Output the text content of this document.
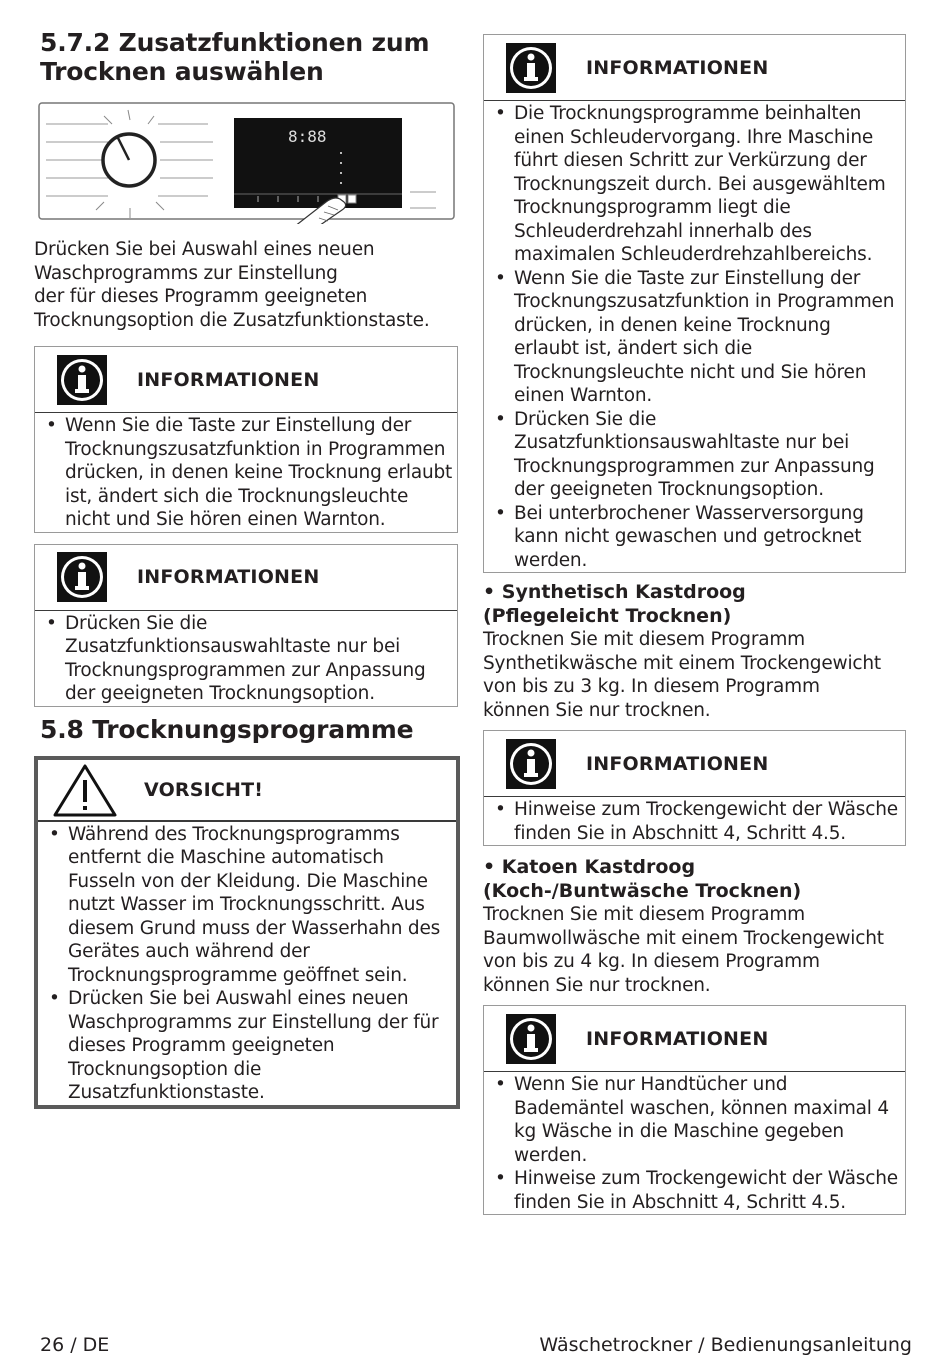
5.7.2 Zusatzfunktionen zum
Trocknen auswählen
8:88

Drücken Sie bei Auswahl eines neuen
Waschprogramms zur Einstellung
der für dieses Programm geeigneten
Trocknungsoption die Zusatzfunktionstaste.

INFORMATIONEN
• Wenn Sie die Taste zur Einstellung der Trocknungszusatzfunktion in Programmen drücken, in denen keine Trocknung erlaubt ist, ändert sich die Trocknungsleuchte nicht und Sie hören einen Warnton.
INFORMATIONEN
• Drücken Sie die Zusatzfunktionsauswahltaste nur bei Trocknungsprogrammen zur Anpassung der geeigneten Trocknungsoption.
5.8 Trocknungsprogramme
VORSICHT!
• Während des Trocknungsprogramms entfernt die Maschine automatisch Fusseln von der Kleidung. Die Maschine nutzt Wasser im Trocknungsschritt. Aus diesem Grund muss der Wasserhahn des Gerätes auch während der Trocknungsprogramme geöffnet sein.
• Drücken Sie bei Auswahl eines neuen Waschprogramms zur Einstellung der für dieses Programm geeigneten Trocknungsoption die Zusatzfunktionstaste.
INFORMATIONEN
• Die Trocknungsprogramme beinhalten einen Schleudervorgang. Ihre Maschine führt diesen Schritt zur Verkürzung der Trocknungszeit durch. Bei ausgewähltem Trocknungsprogramm liegt die Schleuderdrehzahl innerhalb des maximalen Schleuderdrehzahlbereichs.
• Wenn Sie die Taste zur Einstellung der Trocknungszusatzfunktion in Programmen drücken, in denen keine Trocknung erlaubt ist, ändert sich die Trocknungsleuchte nicht und Sie hören einen Warnton.
• Drücken Sie die Zusatzfunktionsauswahltaste nur bei Trocknungsprogrammen zur Anpassung der geeigneten Trocknungsoption.
• Bei unterbrochener Wasserversorgung kann nicht gewaschen und getrocknet werden.

• Synthetisch Kastdroog
(Pflegeleicht Trocknen)

Trocknen Sie mit diesem Programm
Synthetikwäsche mit einem Trockengewicht
von bis zu 3 kg. In diesem Programm
können Sie nur trocknen.

INFORMATIONEN
• Hinweise zum Trockengewicht der Wäsche finden Sie in Abschnitt 4, Schritt 4.5.

• Katoen Kastdroog
(Koch-/Buntwäsche Trocknen)

Trocknen Sie mit diesem Programm
Baumwollwäsche mit einem Trockengewicht
von bis zu 4 kg. In diesem Programm
können Sie nur trocknen.

INFORMATIONEN
• Wenn Sie nur Handtücher und Bademäntel waschen, können maximal 4 kg Wäsche in die Maschine gegeben werden.
• Hinweise zum Trockengewicht der Wäsche finden Sie in Abschnitt 4, Schritt 4.5.
26 / DE	Wäschetrockner / Bedienungsanleitung
